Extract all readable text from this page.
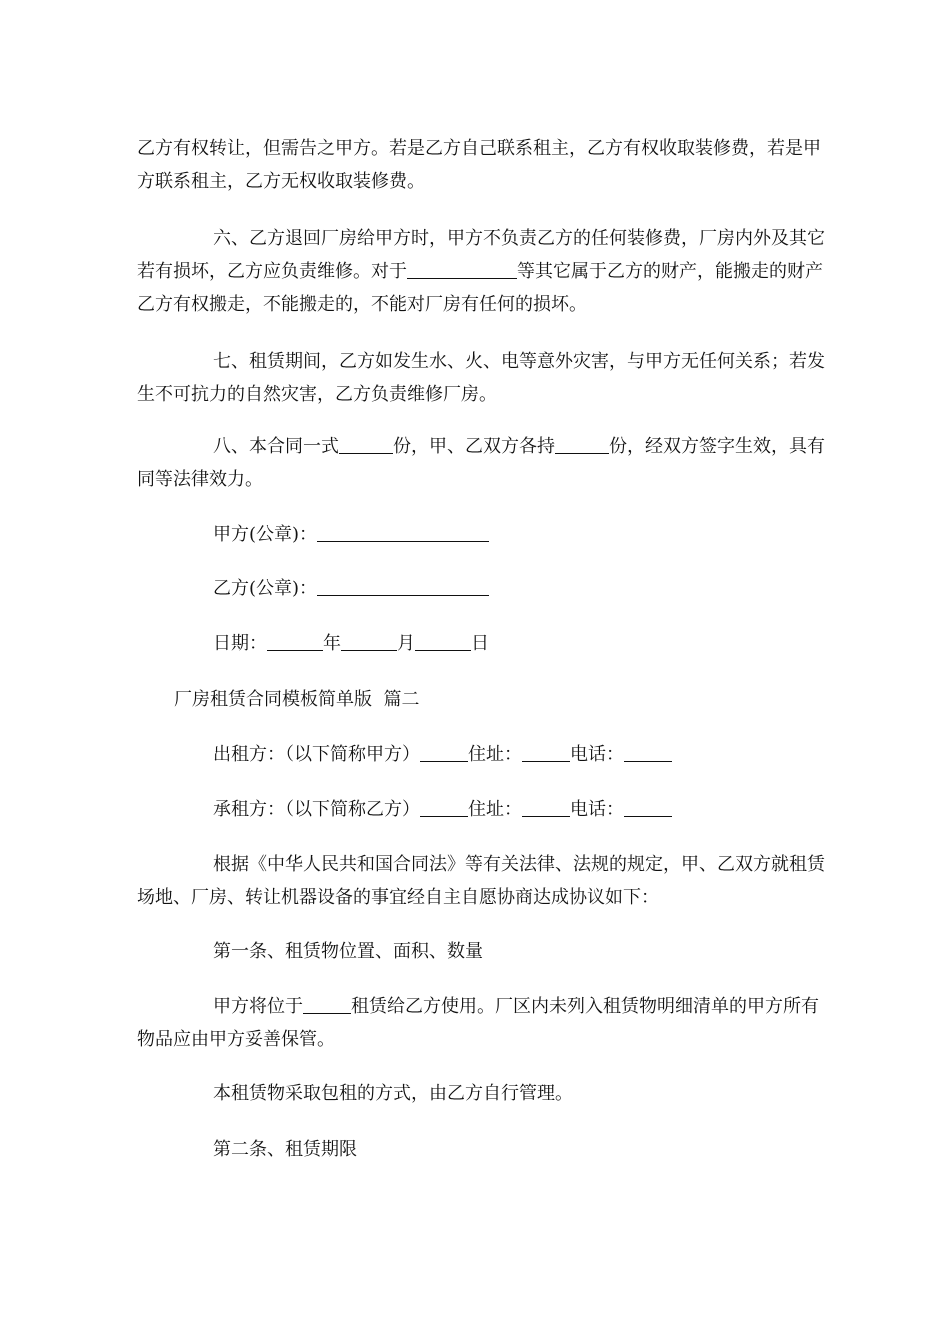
乙方有权转让，但需告之甲方。若是乙方自己联系租主，乙方有权收取装修费，若是甲方联系租主，乙方无权收取装修费。

六、乙方退回厂房给甲方时，甲方不负责乙方的任何装修费，厂房内外及其它若有损坏，乙方应负责维修。对于	等其它属于乙方的财产，能搬走的财产乙方有权搬走，不能搬走的，不能对厂房有任何的损坏。

七、租赁期间，乙方如发生水、火、电等意外灾害，与甲方无任何关系；若发生不可抗力的自然灾害，乙方负责维修厂房。

八、本合同一式	份，甲、乙双方各持	份，经双方签字生效，具有同等法律效力。

甲方(公章)：

乙方(公章)：

日期：	年	月	日

厂房租赁合同模板简单版  篇二

出租方：（以下简称甲方）	住址：	电话：

承租方：（以下简称乙方）	住址：	电话：

根据《中华人民共和国合同法》等有关法律、法规的规定，甲、乙双方就租赁场地、厂房、转让机器设备的事宜经自主自愿协商达成协议如下：

第一条、租赁物位置、面积、数量

甲方将位于	租赁给乙方使用。厂区内未列入租赁物明细清单的甲方所有物品应由甲方妥善保管。

本租赁物采取包租的方式，由乙方自行管理。

第二条、租赁期限
